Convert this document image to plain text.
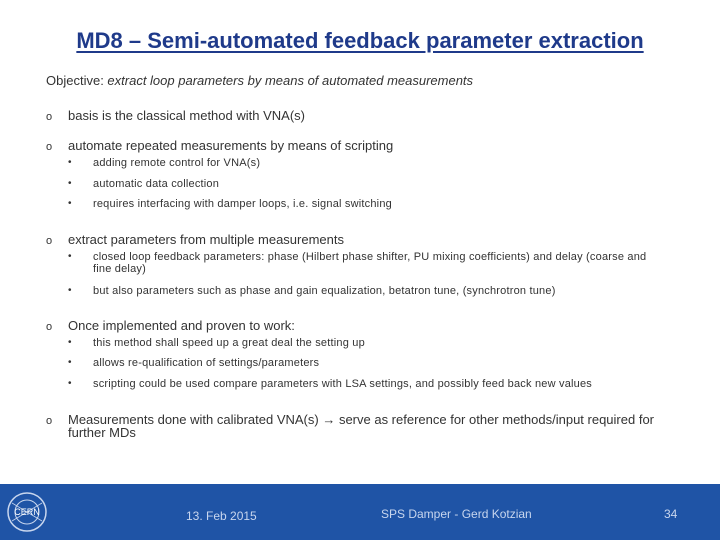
MD8 – Semi-automated feedback parameter extraction
Objective: extract loop parameters by means of automated measurements
o basis is the classical method with VNA(s)
o automate repeated measurements by means of scripting
• adding remote control for VNA(s)
• automatic data collection
• requires interfacing with damper loops, i.e. signal switching
o extract parameters from multiple measurements
• closed loop feedback parameters: phase (Hilbert phase shifter, PU mixing coefficients) and delay (coarse and fine delay)
• but also parameters such as phase and gain equalization, betatron tune, (synchrotron tune)
o Once implemented and proven to work:
• this method shall speed up a great deal the setting up
• allows re-qualification of settings/parameters
• scripting could be used compare parameters with LSA settings, and possibly feed back new values
o Measurements done with calibrated VNA(s) → serve as reference for other methods/input required for further MDs
CERN	13. Feb 2015	SPS Damper - Gerd Kotzian	34
